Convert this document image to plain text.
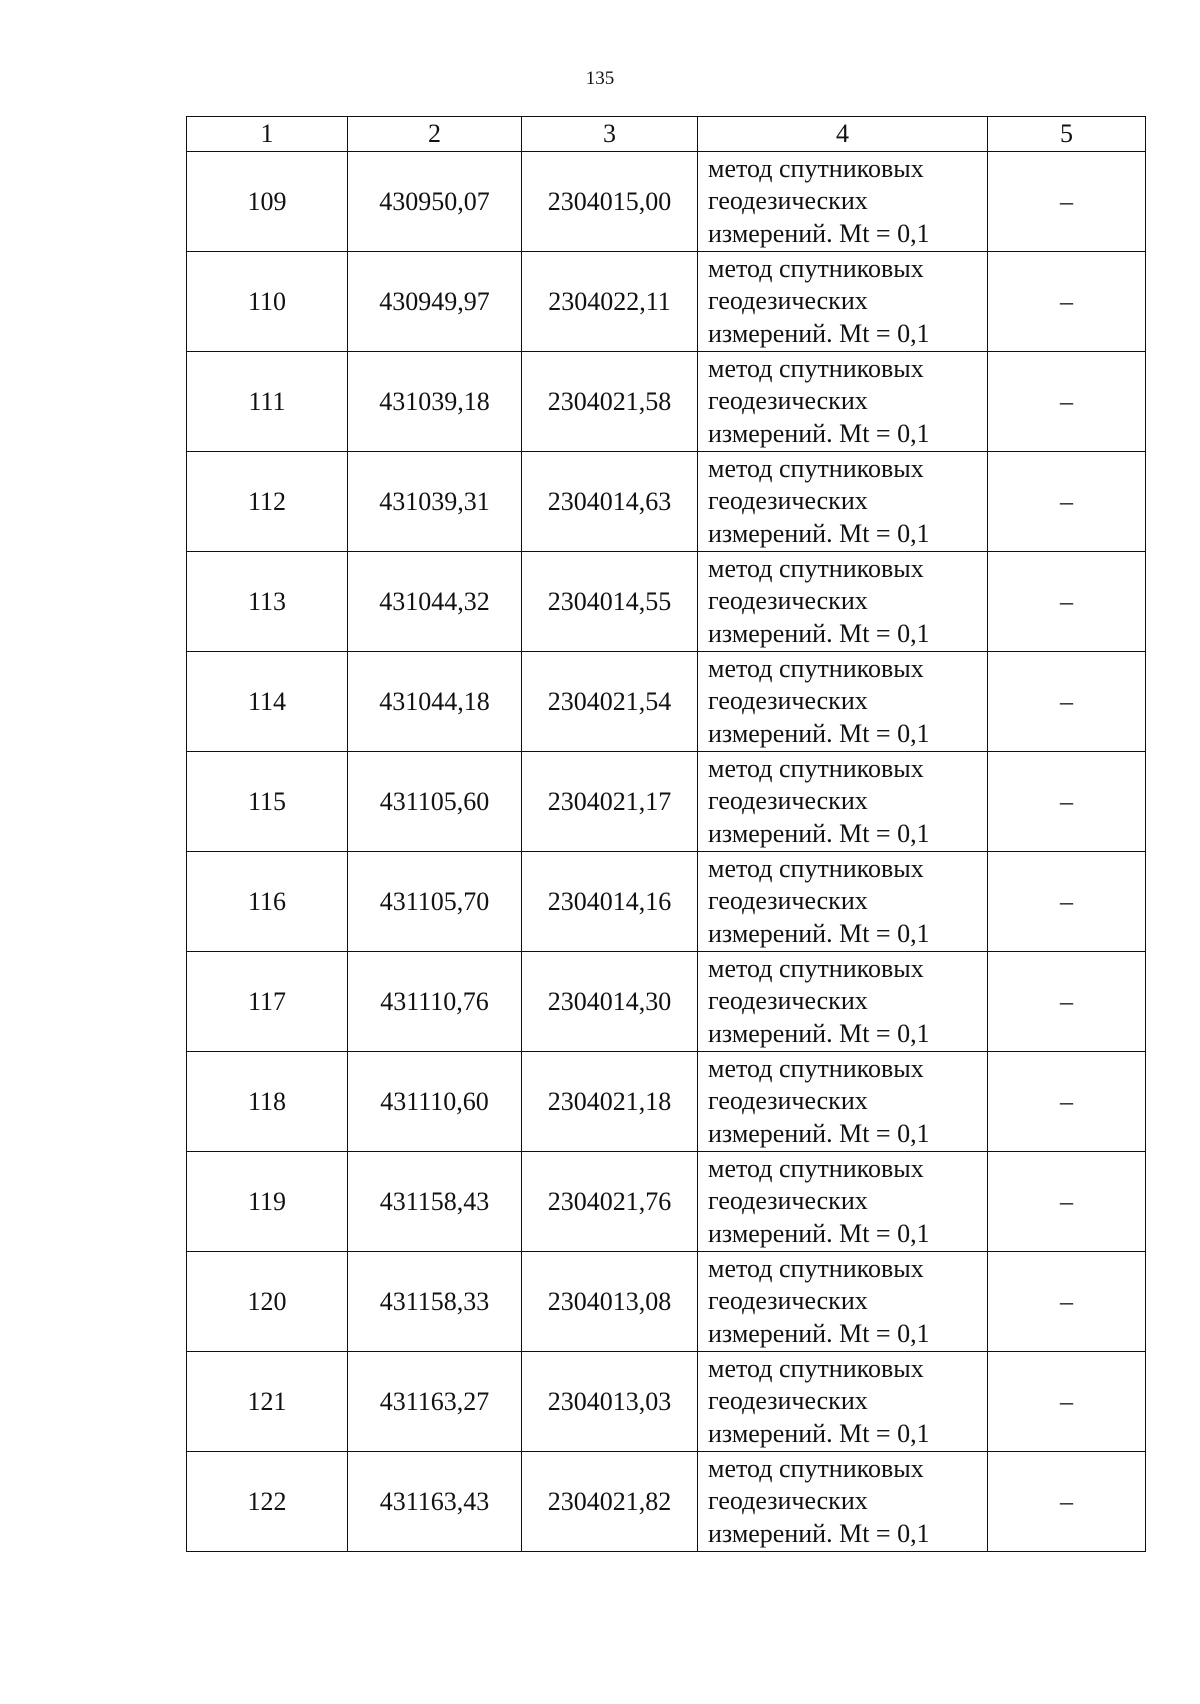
135
1	2	3	4	5
109	430950,07	2304015,00	метод спутниковых
геодезических
измерений. Mt = 0,1	–
110	430949,97	2304022,11	метод спутниковых
геодезических
измерений. Mt = 0,1	–
111	431039,18	2304021,58	метод спутниковых
геодезических
измерений. Mt = 0,1	–
112	431039,31	2304014,63	метод спутниковых
геодезических
измерений. Mt = 0,1	–
113	431044,32	2304014,55	метод спутниковых
геодезических
измерений. Mt = 0,1	–
114	431044,18	2304021,54	метод спутниковых
геодезических
измерений. Mt = 0,1	–
115	431105,60	2304021,17	метод спутниковых
геодезических
измерений. Mt = 0,1	–
116	431105,70	2304014,16	метод спутниковых
геодезических
измерений. Mt = 0,1	–
117	431110,76	2304014,30	метод спутниковых
геодезических
измерений. Mt = 0,1	–
118	431110,60	2304021,18	метод спутниковых
геодезических
измерений. Mt = 0,1	–
119	431158,43	2304021,76	метод спутниковых
геодезических
измерений. Mt = 0,1	–
120	431158,33	2304013,08	метод спутниковых
геодезических
измерений. Mt = 0,1	–
121	431163,27	2304013,03	метод спутниковых
геодезических
измерений. Mt = 0,1	–
122	431163,43	2304021,82	метод спутниковых
геодезических
измерений. Mt = 0,1	–
